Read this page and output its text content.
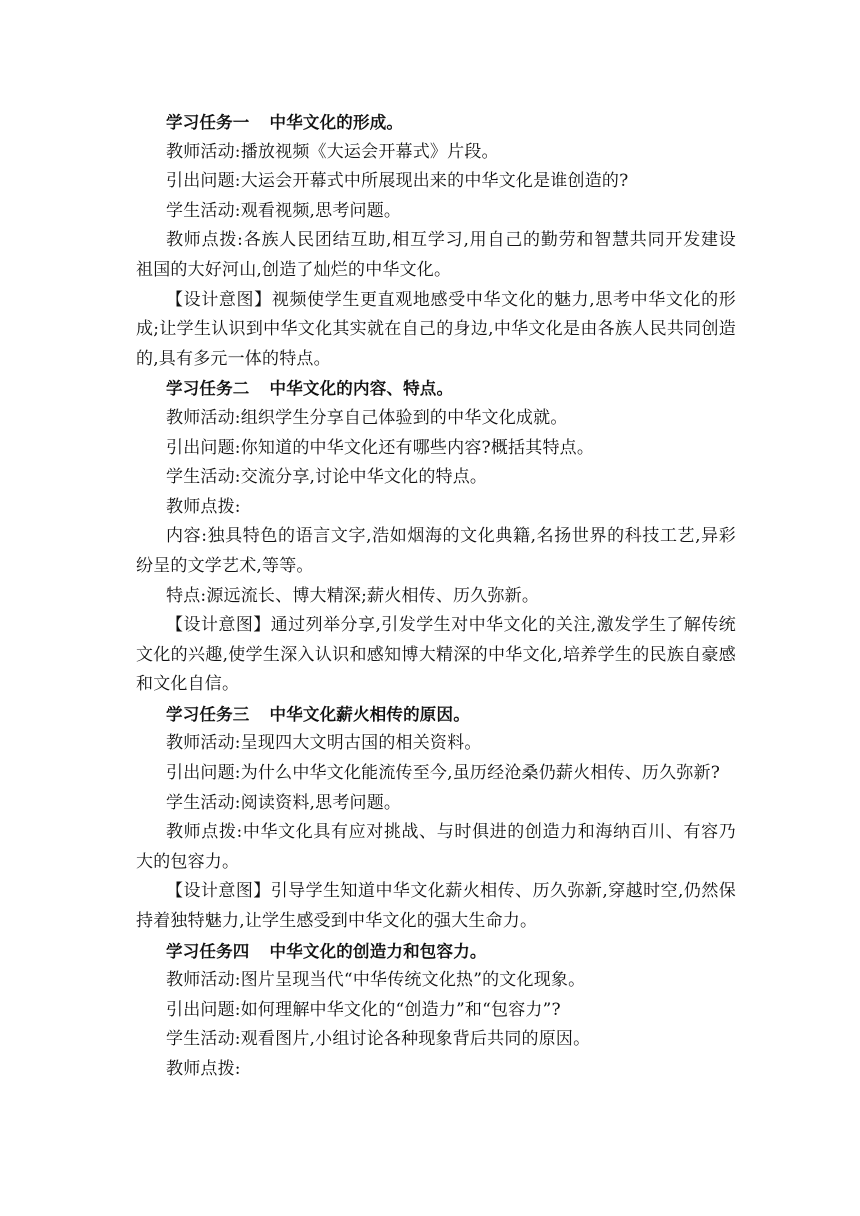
学习任务一 中华文化的形成。
教师活动:播放视频《大运会开幕式》片段。
引出问题:大运会开幕式中所展现出来的中华文化是谁创造的?
学生活动:观看视频,思考问题。
教师点拨:各族人民团结互助,相互学习,用自己的勤劳和智慧共同开发建设
祖国的大好河山,创造了灿烂的中华文化。
【设计意图】视频使学生更直观地感受中华文化的魅力,思考中华文化的形
成;让学生认识到中华文化其实就在自己的身边,中华文化是由各族人民共同创造
的,具有多元一体的特点。
学习任务二 中华文化的内容、特点。
教师活动:组织学生分享自己体验到的中华文化成就。
引出问题:你知道的中华文化还有哪些内容?概括其特点。
学生活动:交流分享,讨论中华文化的特点。
教师点拨:
内容:独具特色的语言文字,浩如烟海的文化典籍,名扬世界的科技工艺,异彩
纷呈的文学艺术,等等。
特点:源远流长、博大精深;薪火相传、历久弥新。
【设计意图】通过列举分享,引发学生对中华文化的关注,激发学生了解传统
文化的兴趣,使学生深入认识和感知博大精深的中华文化,培养学生的民族自豪感
和文化自信。
学习任务三 中华文化薪火相传的原因。
教师活动:呈现四大文明古国的相关资料。
引出问题:为什么中华文化能流传至今,虽历经沧桑仍薪火相传、历久弥新?
学生活动:阅读资料,思考问题。
教师点拨:中华文化具有应对挑战、与时俱进的创造力和海纳百川、有容乃
大的包容力。
【设计意图】引导学生知道中华文化薪火相传、历久弥新,穿越时空,仍然保
持着独特魅力,让学生感受到中华文化的强大生命力。
学习任务四 中华文化的创造力和包容力。
教师活动:图片呈现当代“中华传统文化热”的文化现象。
引出问题:如何理解中华文化的“创造力”和“包容力”?
学生活动:观看图片,小组讨论各种现象背后共同的原因。
教师点拨:
